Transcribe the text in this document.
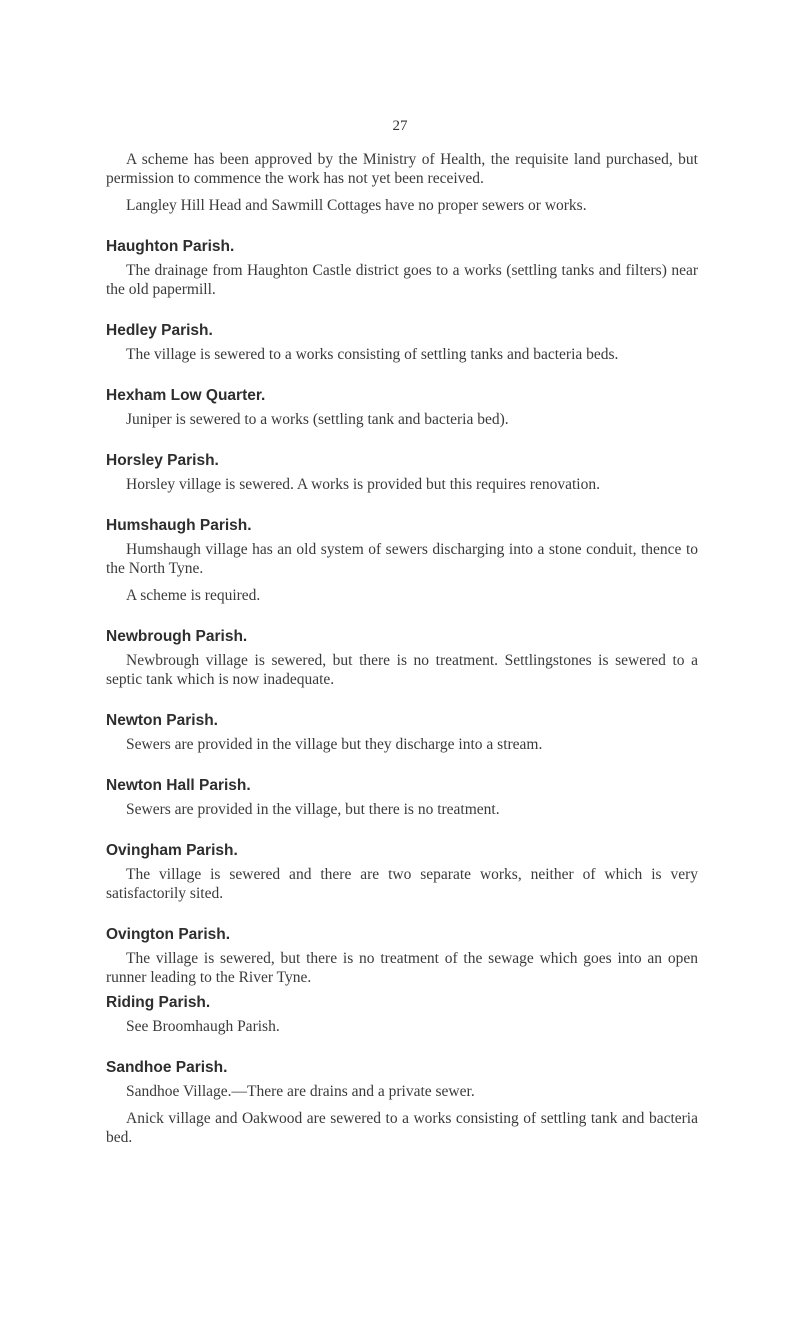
27

A scheme has been approved by the Ministry of Health, the requisite land purchased, but permission to commence the work has not yet been received.

Langley Hill Head and Sawmill Cottages have no proper sewers or works.

Haughton Parish.

The drainage from Haughton Castle district goes to a works (settling tanks and filters) near the old papermill.

Hedley Parish.

The village is sewered to a works consisting of settling tanks and bacteria beds.

Hexham Low Quarter.

Juniper is sewered to a works (settling tank and bacteria bed).

Horsley Parish.

Horsley village is sewered. A works is provided but this requires renovation.

Humshaugh Parish.

Humshaugh village has an old system of sewers discharging into a stone conduit, thence to the North Tyne.

A scheme is required.

Newbrough Parish.

Newbrough village is sewered, but there is no treatment. Settlingstones is sewered to a septic tank which is now inadequate.

Newton Parish.

Sewers are provided in the village but they discharge into a stream.

Newton Hall Parish.

Sewers are provided in the village, but there is no treatment.

Ovingham Parish.

The village is sewered and there are two separate works, neither of which is very satisfactorily sited.

Ovington Parish.

The village is sewered, but there is no treatment of the sewage which goes into an open runner leading to the River Tyne.

Riding Parish.

See Broomhaugh Parish.

Sandhoe Parish.

Sandhoe Village.—There are drains and a private sewer.

Anick village and Oakwood are sewered to a works consisting of settling tank and bacteria bed.
